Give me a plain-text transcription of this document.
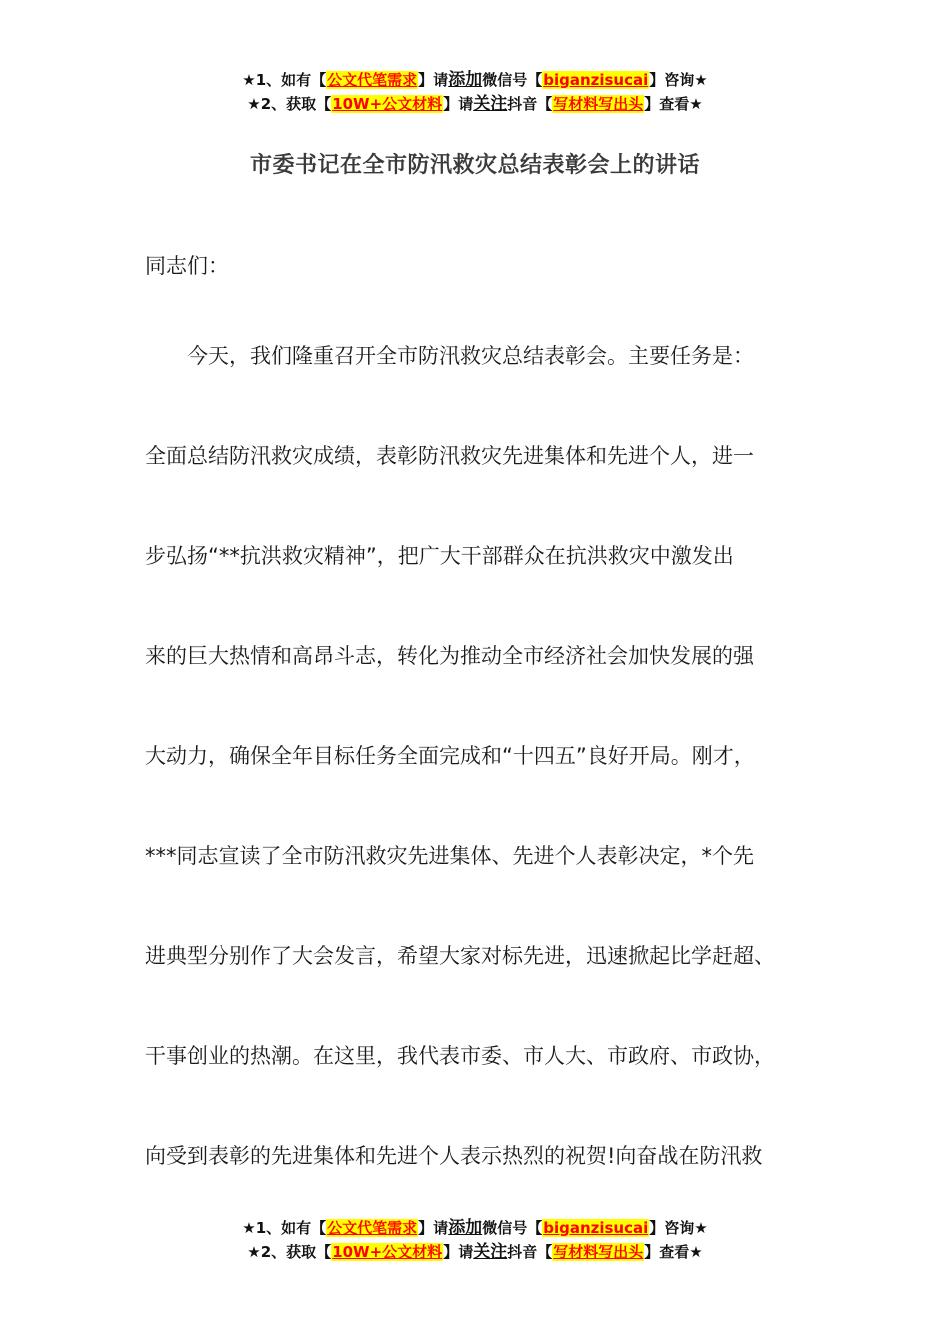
★1、如有【公文代笔需求】请添加微信号【biganzisucai】咨询★
★2、获取【10W+公文材料】请关注抖音【写材料写出头】查看★
市委书记在全市防汛救灾总结表彰会上的讲话
同志们：
　　今天，我们隆重召开全市防汛救灾总结表彰会。主要任务是：
全面总结防汛救灾成绩，表彰防汛救灾先进集体和先进个人，进一
步弘扬“**抗洪救灾精神”，把广大干部群众在抗洪救灾中激发出
来的巨大热情和高昂斗志，转化为推动全市经济社会加快发展的强
大动力，确保全年目标任务全面完成和“十四五”良好开局。刚才，
***同志宣读了全市防汛救灾先进集体、先进个人表彰决定，*个先
进典型分别作了大会发言，希望大家对标先进，迅速掀起比学赶超、
干事创业的热潮。在这里，我代表市委、市人大、市政府、市政协，
向受到表彰的先进集体和先进个人表示热烈的祝贺!向奋战在防汛救
★1、如有【公文代笔需求】请添加微信号【biganzisucai】咨询★
★2、获取【10W+公文材料】请关注抖音【写材料写出头】查看★
